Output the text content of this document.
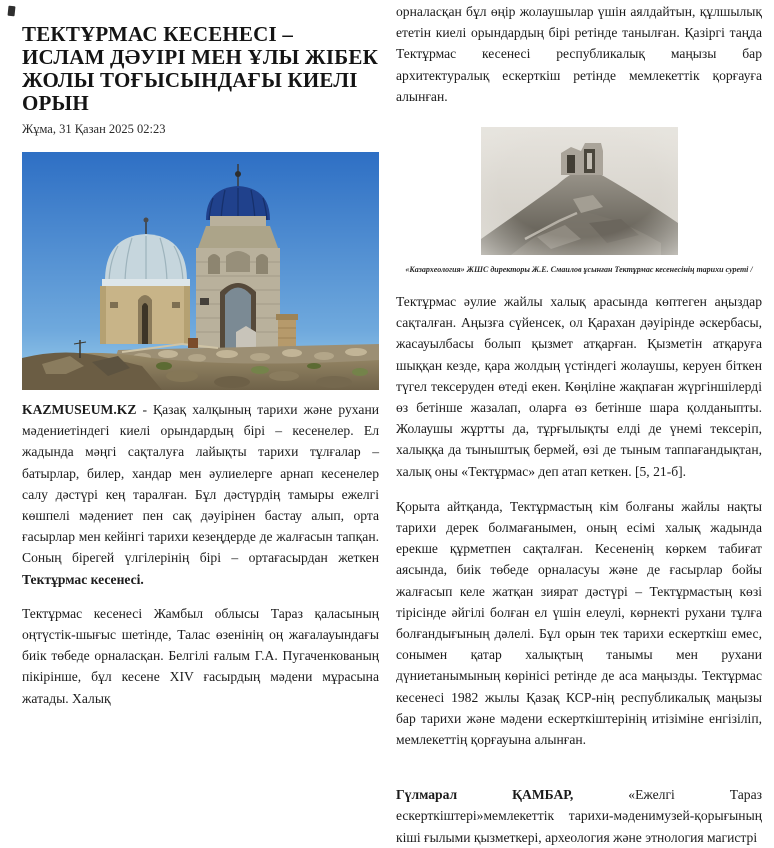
ТЕКТҰРМАС КЕСЕНЕСІ – ИСЛАМ ДӘУІРІ МЕН ҰЛЫ ЖІБЕК ЖОЛЫ ТОҒЫСЫНДАҒЫ КИЕЛІ ОРЫН
Жұма, 31 Қазан 2025 02:23

KAZMUSEUM.KZ - Қазақ халқының тарихи және рухани мәдениетіндегі киелі орындардың бірі – кесенелер. Ел жадында мәңгі сақталуға лайықты тарихи тұлғалар – батырлар, билер, хандар мен әулиелерге арнап кесенелер салу дәстүрі кең таралған. Бұл дәстүрдің тамыры ежелгі көшпелі мәдениет пен сақ дәуірінен бастау алып, орта ғасырлар мен кейінгі тарихи кезеңдерде де жалғасын тапқан. Соның бірегей үлгілерінің бірі – ортағасырдан жеткен Тектұрмас кесенесі.

Тектұрмас кесенесі Жамбыл облысы Тараз қаласының оңтүстік-шығыс шетінде, Талас өзенінің оң жағалауындағы биік төбеде орналасқан. Белгілі ғалым Г.А. Пугаченкованың пікірінше, бұл кесене XIV ғасырдың мәдени мұрасына жатады. Халық

орналасқан бұл өңір жолаушылар үшін аялдайтын, құлшылық ететін киелі орындардың бірі ретінде танылған. Қазіргі таңда Тектұрмас кесенесі республикалық маңызы бар архитектуралық ескерткіш ретінде мемлекеттік қорғауға алынған.

«Казархеология» ЖШС директоры Ж.Е. Смаилов ұсынған Тектұрмас кесенесінің тарихи суреті /

Тектұрмас әулие жайлы халық арасында көптеген аңыздар сақталған. Аңызға сүйенсек, ол Қарахан дәуірінде әскербасы, жасауылбасы болып қызмет атқарған. Қызметін атқаруға шыққан кезде, қара жолдың үстіндегі жолаушы, керуен біткен түгел тексеруден өтеді екен. Көңіліне жақпаған жүргіншілерді өз бетінше жазалап, оларға өз бетінше шара қолданыпты. Жолаушы жұртты да, тұрғылықты елді де үнемі тексеріп, халыққа да тыныштық бермей, өзі де тыным таппағандықтан, халық оны «Тектұрмас» деп атап кеткен. [5, 21-б].

Қорыта айтқанда, Тектұрмастың кім болғаны жайлы нақты тарихи дерек болмағанымен, оның есімі халық жадында ерекше құрметпен сақталған. Кесененің көркем табиғат аясында, биік төбеде орналасуы және де ғасырлар бойы жалғасып келе жатқан зиярат дәстүрі – Тектұрмастың көзі тірісінде әйгілі болған ел үшін елеулі, көрнекті рухани тұлға болғандығының дәлелі. Бұл орын тек тарихи ескерткіш емес, сонымен қатар халықтың танымы мен рухани дүниетанымының көрінісі ретінде де аса маңызды. Тектұрмас кесенесі 1982 жылы Қазақ КСР-нің республикалық маңызы бар тарихи және мәдени ескерткіштерінің итізіміне енгізіліп, мемлекеттің қорғауына алынған.

Гүлмарал ҚАМБАР, «Ежелгі Тараз ескерткіштері»мемлекеттік тарихи-мәденимузей-қорығының кіші ғылыми қызметкері, археология және этнология магистрі
